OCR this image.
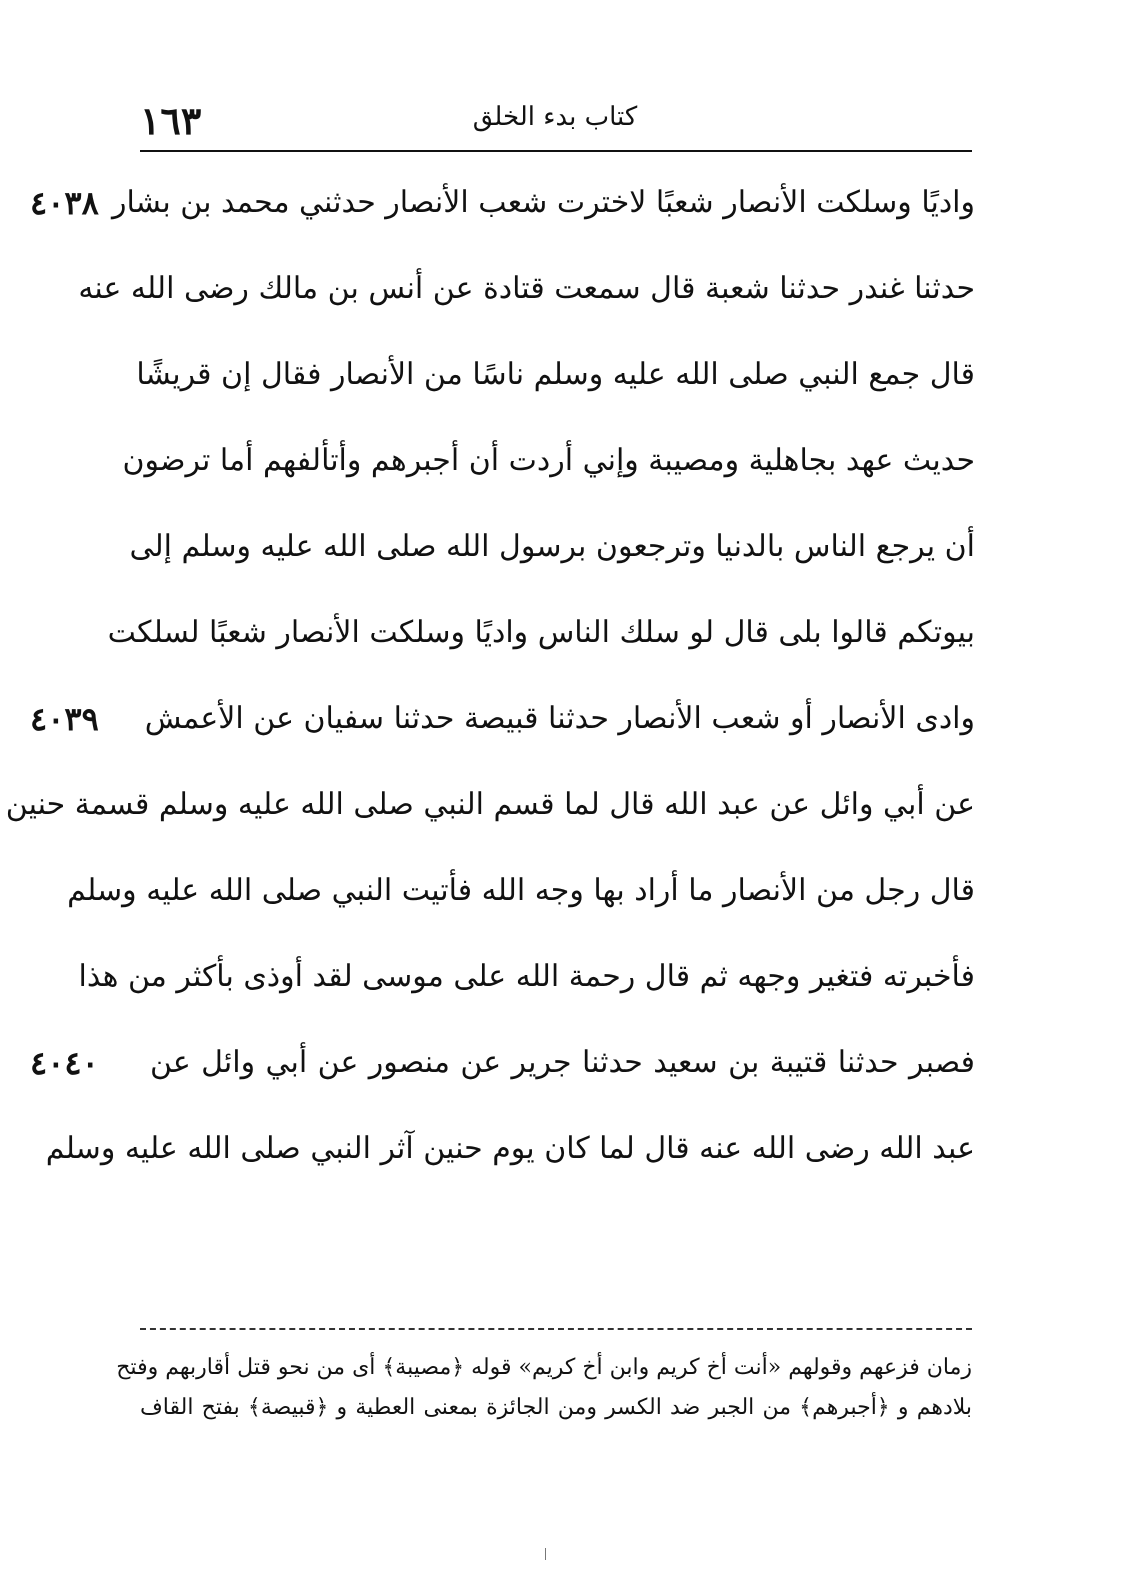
١٦٣	كتاب بدء الخلق
واديًا وسلكت الأنصار شعبًا لاخترت شعب الأنصار حدثني محمد بن بشار
٤٠٣٨
حدثنا غندر حدثنا شعبة قال سمعت قتادة عن أنس بن مالك رضى الله عنه
قال جمع النبي صلى الله عليه وسلم ناسًا من الأنصار فقال إن قريشًا
حديث عهد بجاهلية ومصيبة وإني أردت أن أجبرهم وأتألفهم أما ترضون
أن يرجع الناس بالدنيا وترجعون برسول الله صلى الله عليه وسلم إلى
بيوتكم قالوا بلى قال لو سلك الناس واديًا وسلكت الأنصار شعبًا لسلكت
وادى الأنصار أو شعب الأنصار حدثنا قبيصة حدثنا سفيان عن الأعمش
٤٠٣٩
عن أبي وائل عن عبد الله قال لما قسم النبي صلى الله عليه وسلم قسمة حنين
قال رجل من الأنصار ما أراد بها وجه الله فأتيت النبي صلى الله عليه وسلم
فأخبرته فتغير وجهه ثم قال رحمة الله على موسى لقد أوذى بأكثر من هذا
فصبر حدثنا قتيبة بن سعيد حدثنا جرير عن منصور عن أبي وائل عن
٤٠٤٠
عبد الله رضى الله عنه قال لما كان يوم حنين آثر النبي صلى الله عليه وسلم
زمان فزعهم وقولهم «أنت أخ كريم وابن أخ كريم» قوله ﴿مصيبة﴾ أى من نحو قتل أقاربهم وفتح
بلادهم و ﴿أجبرهم﴾ من الجبر ضد الكسر ومن الجائزة بمعنى العطية و ﴿قبيصة﴾ بفتح القاف
